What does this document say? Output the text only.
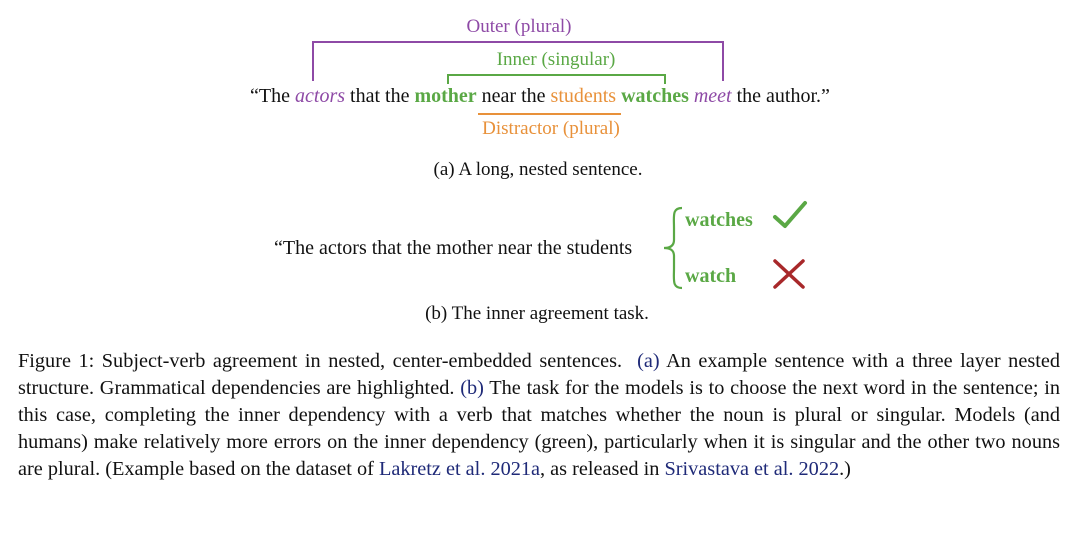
Outer (plural)
Inner (singular)
“The actors that the mother near the students watches meet the author.”
Distractor (plural)
(a) A long, nested sentence.
“The actors that the mother near the students
watches
watch
(b) The inner agreement task.
Figure 1: Subject-verb agreement in nested, center-embedded sentences. (a) An example sentence with a three layer nested structure. Grammatical dependencies are highlighted. (b) The task for the models is to choose the next word in the sentence; in this case, completing the inner dependency with a verb that matches whether the noun is plural or singular. Models (and humans) make relatively more errors on the inner dependency (green), particularly when it is singular and the other two nouns are plural. (Example based on the dataset of Lakretz et al. 2021a, as released in Srivastava et al. 2022.)
